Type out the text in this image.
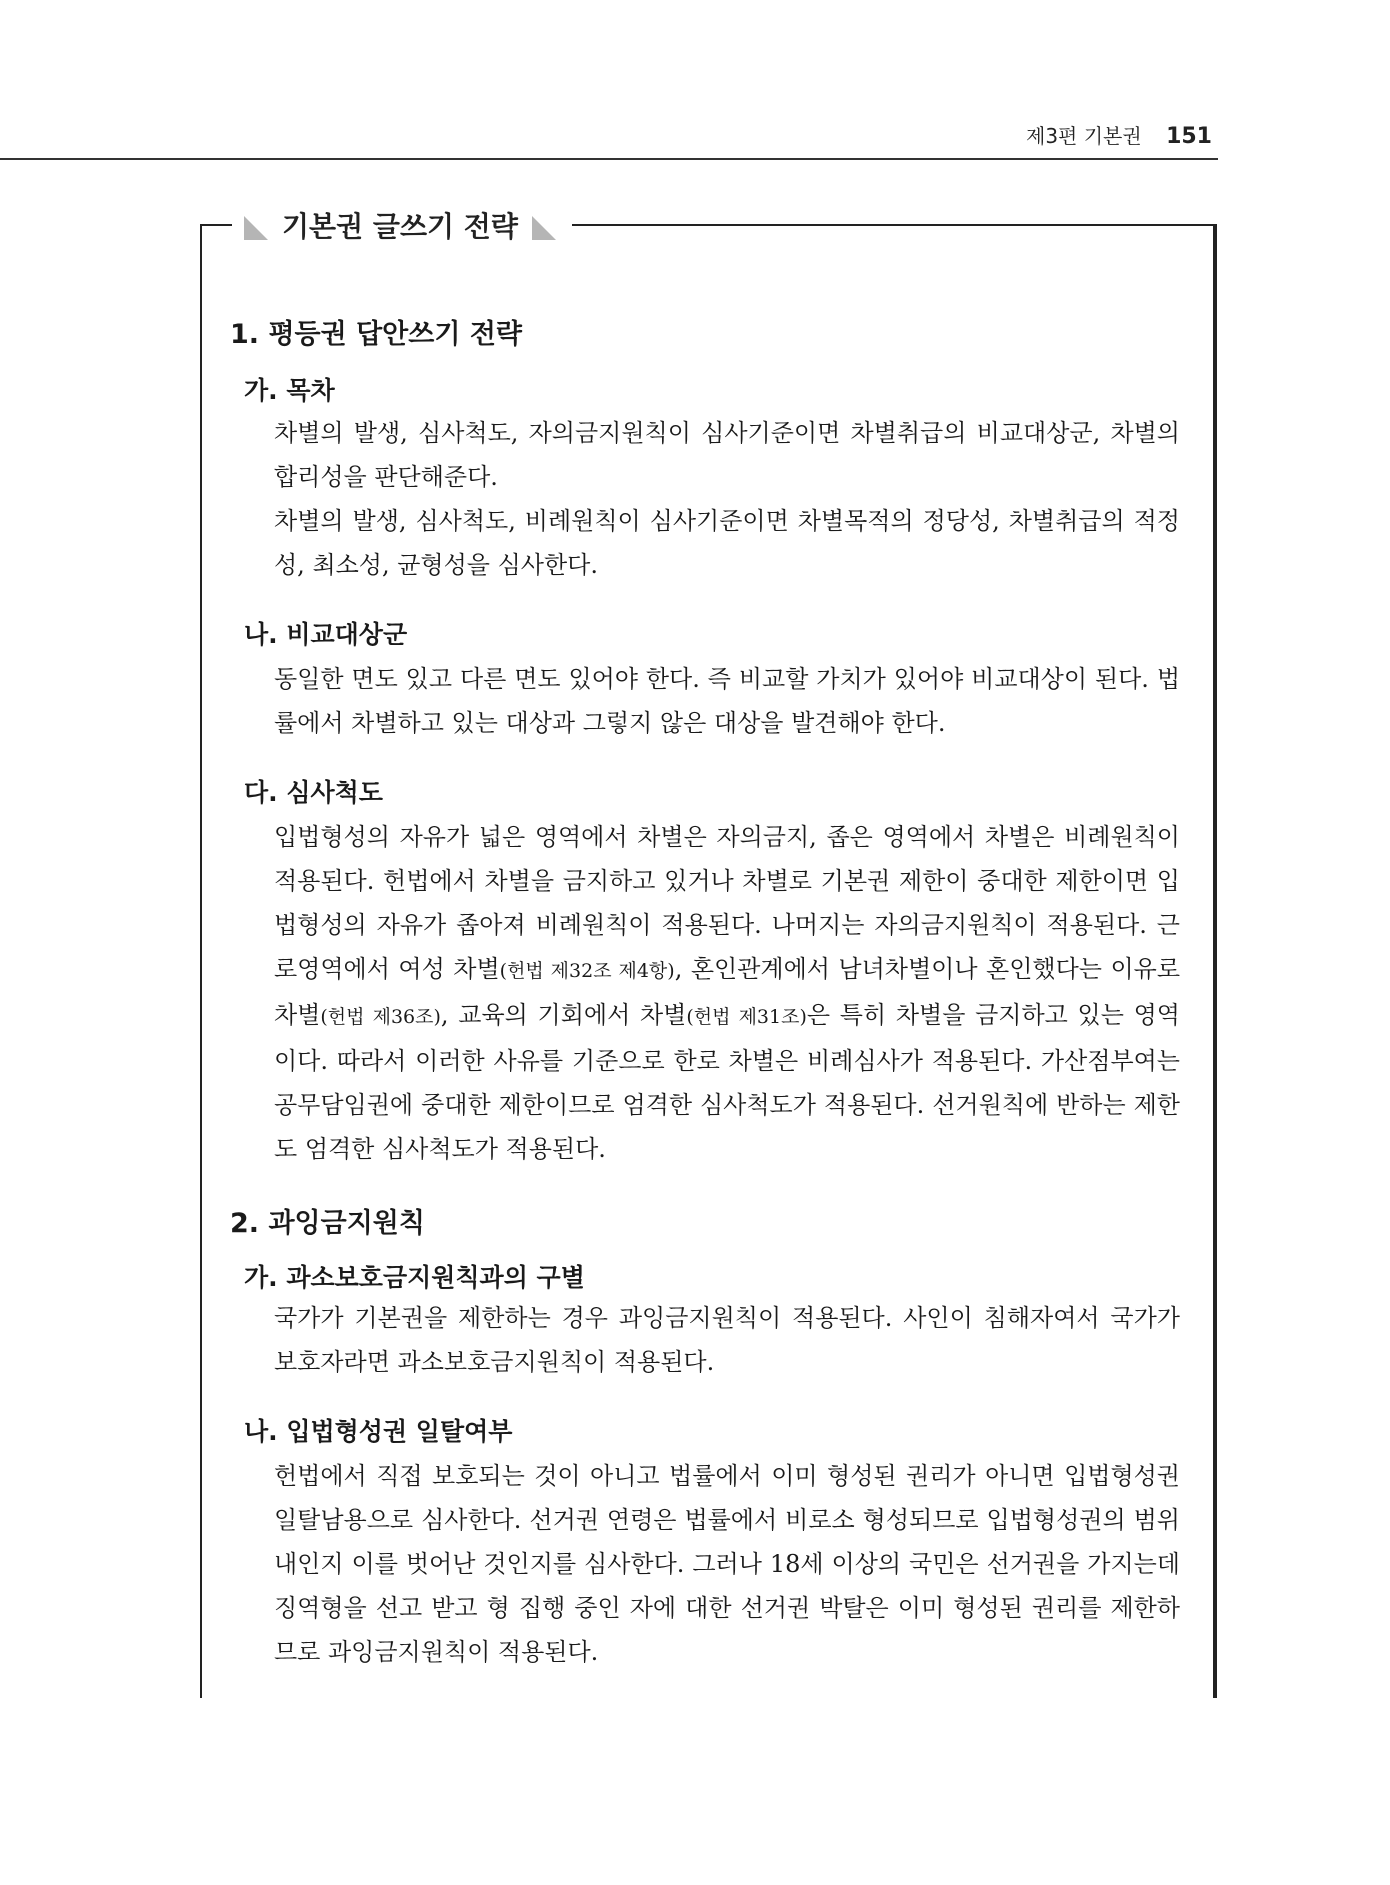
제3편 기본권 151
기본권 글쓰기 전략
1. 평등권 답안쓰기 전략
가. 목차

차별의 발생, 심사척도, 자의금지원칙이 심사기준이면 차별취급의 비교대상군, 차별의 합리성을 판단해준다.

차별의 발생, 심사척도, 비례원칙이 심사기준이면 차별목적의 정당성, 차별취급의 적정성, 최소성, 균형성을 심사한다.

나. 비교대상군

동일한 면도 있고 다른 면도 있어야 한다. 즉 비교할 가치가 있어야 비교대상이 된다. 법률에서 차별하고 있는 대상과 그렇지 않은 대상을 발견해야 한다.

다. 심사척도

입법형성의 자유가 넓은 영역에서 차별은 자의금지, 좁은 영역에서 차별은 비례원칙이 적용된다. 헌법에서 차별을 금지하고 있거나 차별로 기본권 제한이 중대한 제한이면 입법형성의 자유가 좁아져 비례원칙이 적용된다. 나머지는 자의금지원칙이 적용된다. 근로영역에서 여성 차별(헌법 제32조 제4항), 혼인관계에서 남녀차별이나 혼인했다는 이유로 차별(헌법 제36조), 교육의 기회에서 차별(헌법 제31조)은 특히 차별을 금지하고 있는 영역이다. 따라서 이러한 사유를 기준으로 한로 차별은 비례심사가 적용된다. 가산점부여는 공무담임권에 중대한 제한이므로 엄격한 심사척도가 적용된다. 선거원칙에 반하는 제한도 엄격한 심사척도가 적용된다.

2. 과잉금지원칙
가. 과소보호금지원칙과의 구별

국가가 기본권을 제한하는 경우 과잉금지원칙이 적용된다. 사인이 침해자여서 국가가 보호자라면 과소보호금지원칙이 적용된다.

나. 입법형성권 일탈여부

헌법에서 직접 보호되는 것이 아니고 법률에서 이미 형성된 권리가 아니면 입법형성권 일탈남용으로 심사한다. 선거권 연령은 법률에서 비로소 형성되므로 입법형성권의 범위내인지 이를 벗어난 것인지를 심사한다. 그러나 18세 이상의 국민은 선거권을 가지는데 징역형을 선고 받고 형 집행 중인 자에 대한 선거권 박탈은 이미 형성된 권리를 제한하므로 과잉금지원칙이 적용된다.
